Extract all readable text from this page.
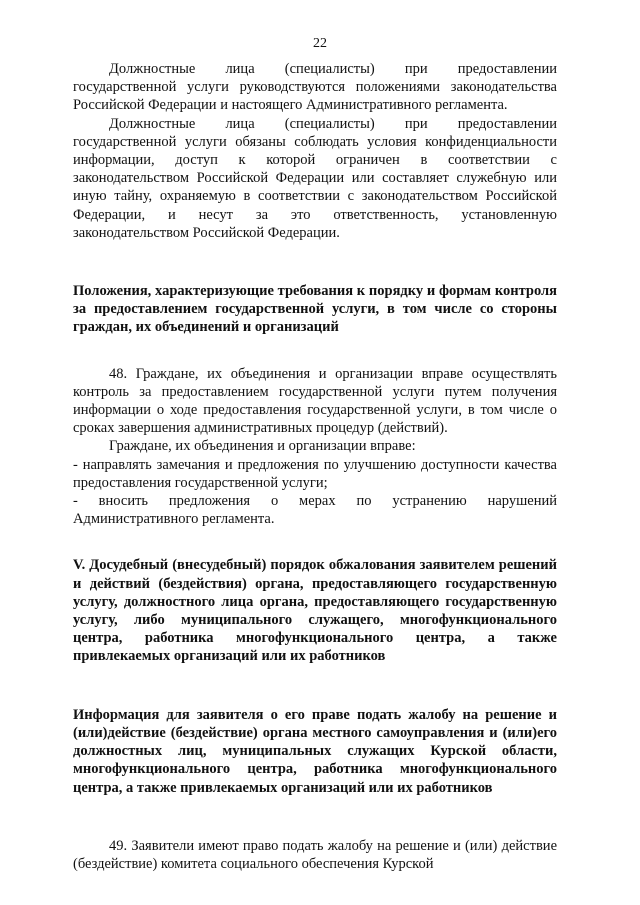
22

Должностные лица (специалисты) при предоставлении государственной услуги руководствуются положениями законодательства Российской Федерации и настоящего Административного регламента.

Должностные лица (специалисты) при предоставлении государственной услуги обязаны соблюдать условия конфиденциальности информации, доступ к которой ограничен в соответствии с законодательством Российской Федерации или составляет служебную или иную тайну, охраняемую в соответствии с законодательством Российской Федерации, и несут за это ответственность, установленную законодательством Российской Федерации.

Положения, характеризующие требования к порядку и формам контроля за предоставлением государственной услуги, в том числе со стороны граждан, их объединений и организаций

48. Граждане, их объединения и организации вправе осуществлять контроль за предоставлением государственной услуги путем получения информации о ходе предоставления государственной услуги, в том числе о сроках завершения административных процедур (действий).

Граждане, их объединения и организации вправе:

- направлять замечания и предложения по улучшению доступности качества предоставления государственной услуги;

- вносить предложения о мерах по устранению нарушений Административного регламента.

V. Досудебный (внесудебный) порядок обжалования заявителем решений и действий (бездействия) органа, предоставляющего государственную услугу, должностного лица органа, предоставляющего государственную услугу, либо муниципального служащего, многофункционального центра, работника многофункционального центра, а также привлекаемых организаций или их работников

Информация для заявителя о его праве подать жалобу на решение и (или)действие (бездействие) органа местного самоуправления и (или)его должностных лиц, муниципальных служащих Курской области, многофункционального центра, работника многофункционального центра, а также привлекаемых организаций или их работников

49. Заявители имеют право подать жалобу на решение и (или) действие (бездействие) комитета социального обеспечения Курской
